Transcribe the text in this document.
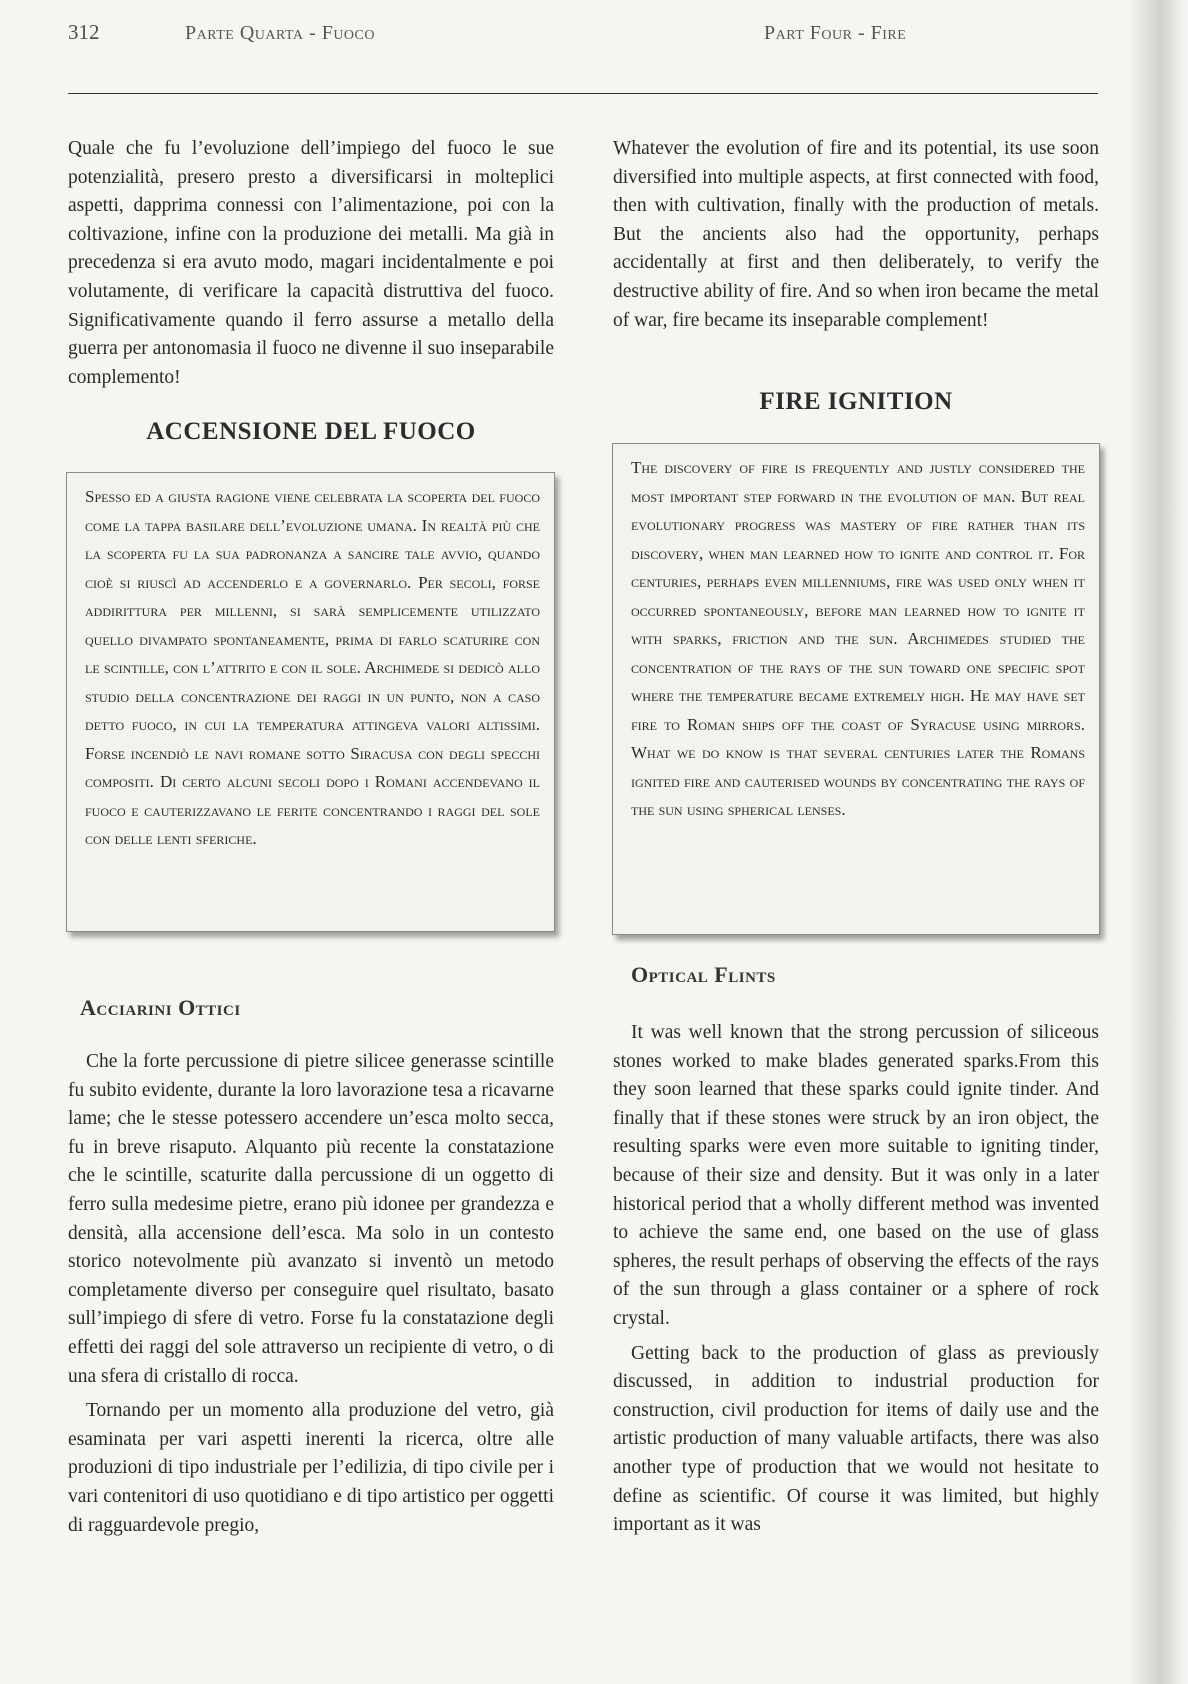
312	Parte Quarta - Fuoco	Part Four - Fire

Quale che fu l’evoluzione dell’impiego del fuoco le sue potenzialità, presero presto a diversificarsi in molteplici aspetti, dapprima connessi con l’alimentazione, poi con la coltivazione, infine con la produzione dei metalli. Ma già in precedenza si era avuto modo, magari incidentalmente e poi volutamente, di verificare la capacità distruttiva del fuoco. Significativamente quando il ferro assurse a metallo della guerra per antonomasia il fuoco ne divenne il suo inseparabile complemento!

ACCENSIONE DEL FUOCO

Spesso ed a giusta ragione viene celebrata la scoperta del fuoco come la tappa basilare dell’evoluzione umana. In realtà più che la scoperta fu la sua padronanza a sancire tale avvio, quando cioè si riuscì ad accenderlo e a governarlo. Per secoli, forse addirittura per millenni, si sarà semplicemente utilizzato quello divampato spontaneamente, prima di farlo scaturire con le scintille, con l’attrito e con il sole. Archimede si dedicò allo studio della concentrazione dei raggi in un punto, non a caso detto fuoco, in cui la temperatura attingeva valori altissimi. Forse incendiò le navi romane sotto Siracusa con degli specchi compositi. Di certo alcuni secoli dopo i Romani accendevano il fuoco e cauterizzavano le ferite concentrando i raggi del sole con delle lenti sferiche.

Acciarini Ottici

Che la forte percussione di pietre silicee generasse scintille fu subito evidente, durante la loro lavorazione tesa a ricavarne lame; che le stesse potessero accendere un’esca molto secca, fu in breve risaputo. Alquanto più recente la constatazione che le scintille, scaturite dalla percussione di un oggetto di ferro sulla medesime pietre, erano più idonee per grandezza e densità, alla accensione dell’esca. Ma solo in un contesto storico notevolmente più avanzato si inventò un metodo completamente diverso per conseguire quel risultato, basato sull’impiego di sfere di vetro. Forse fu la constatazione degli effetti dei raggi del sole attraverso un recipiente di vetro, o di una sfera di cristallo di rocca.

Tornando per un momento alla produzione del vetro, già esaminata per vari aspetti inerenti la ricerca, oltre alle produzioni di tipo industriale per l’edilizia, di tipo civile per i vari contenitori di uso quotidiano e di tipo artistico per oggetti di ragguardevole pregio,

Whatever the evolution of fire and its potential, its use soon diversified into multiple aspects, at first connected with food, then with cultivation, finally with the production of metals. But the ancients also had the opportunity, perhaps accidentally at first and then deliberately, to verify the destructive ability of fire. And so when iron became the metal of war, fire became its inseparable complement!

FIRE IGNITION

The discovery of fire is frequently and justly considered the most important step forward in the evolution of man. But real evolutionary progress was mastery of fire rather than its discovery, when man learned how to ignite and control it. For centuries, perhaps even millenniums, fire was used only when it occurred spontaneously, before man learned how to ignite it with sparks, friction and the sun. Archimedes studied the concentration of the rays of the sun toward one specific spot where the temperature became extremely high. He may have set fire to Roman ships off the coast of Syracuse using mirrors. What we do know is that several centuries later the Romans ignited fire and cauterised wounds by concentrating the rays of the sun using spherical lenses.

Optical Flints

It was well known that the strong percussion of siliceous stones worked to make blades generated sparks.From this they soon learned that these sparks could ignite tinder. And finally that if these stones were struck by an iron object, the resulting sparks were even more suitable to igniting tinder, because of their size and density. But it was only in a later historical period that a wholly different method was invented to achieve the same end, one based on the use of glass spheres, the result perhaps of observing the effects of the rays of the sun through a glass container or a sphere of rock crystal.

Getting back to the production of glass as previously discussed, in addition to industrial production for construction, civil production for items of daily use and the artistic production of many valuable artifacts, there was also another type of production that we would not hesitate to define as scientific. Of course it was limited, but highly important as it was
